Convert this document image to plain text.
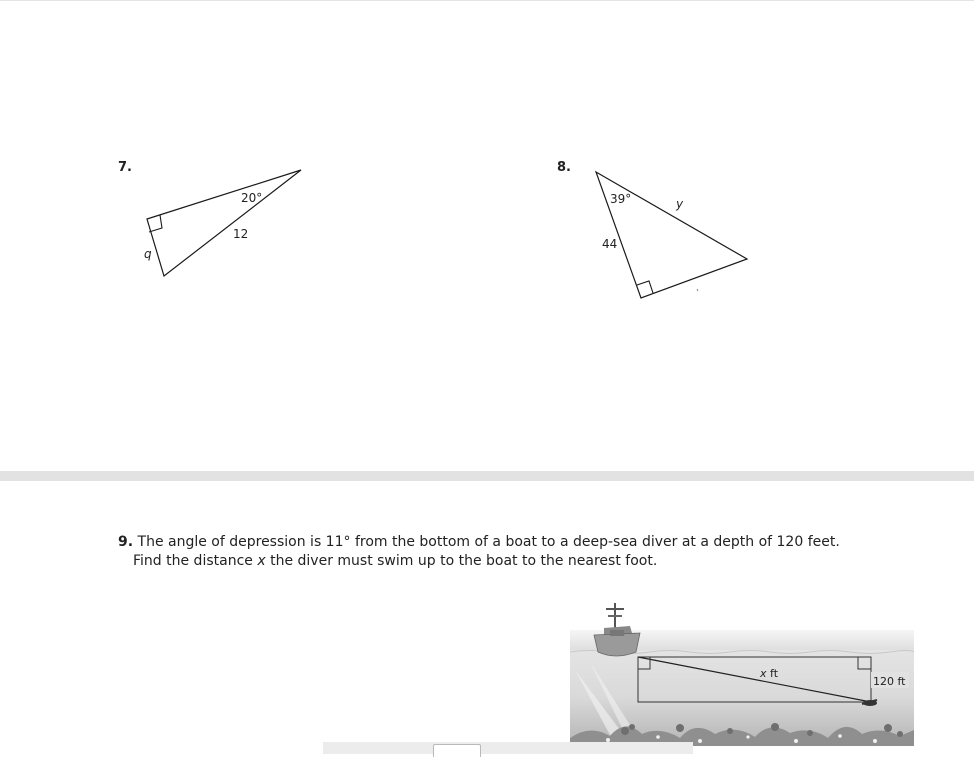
7.
20°
12
q
8.
39°
44
y
9. The angle of depression is 11° from the bottom of a boat to a deep-sea diver at a depth of 120 feet.
Find the distance x the diver must swim up to the boat to the nearest foot.
x ft
120 ft
